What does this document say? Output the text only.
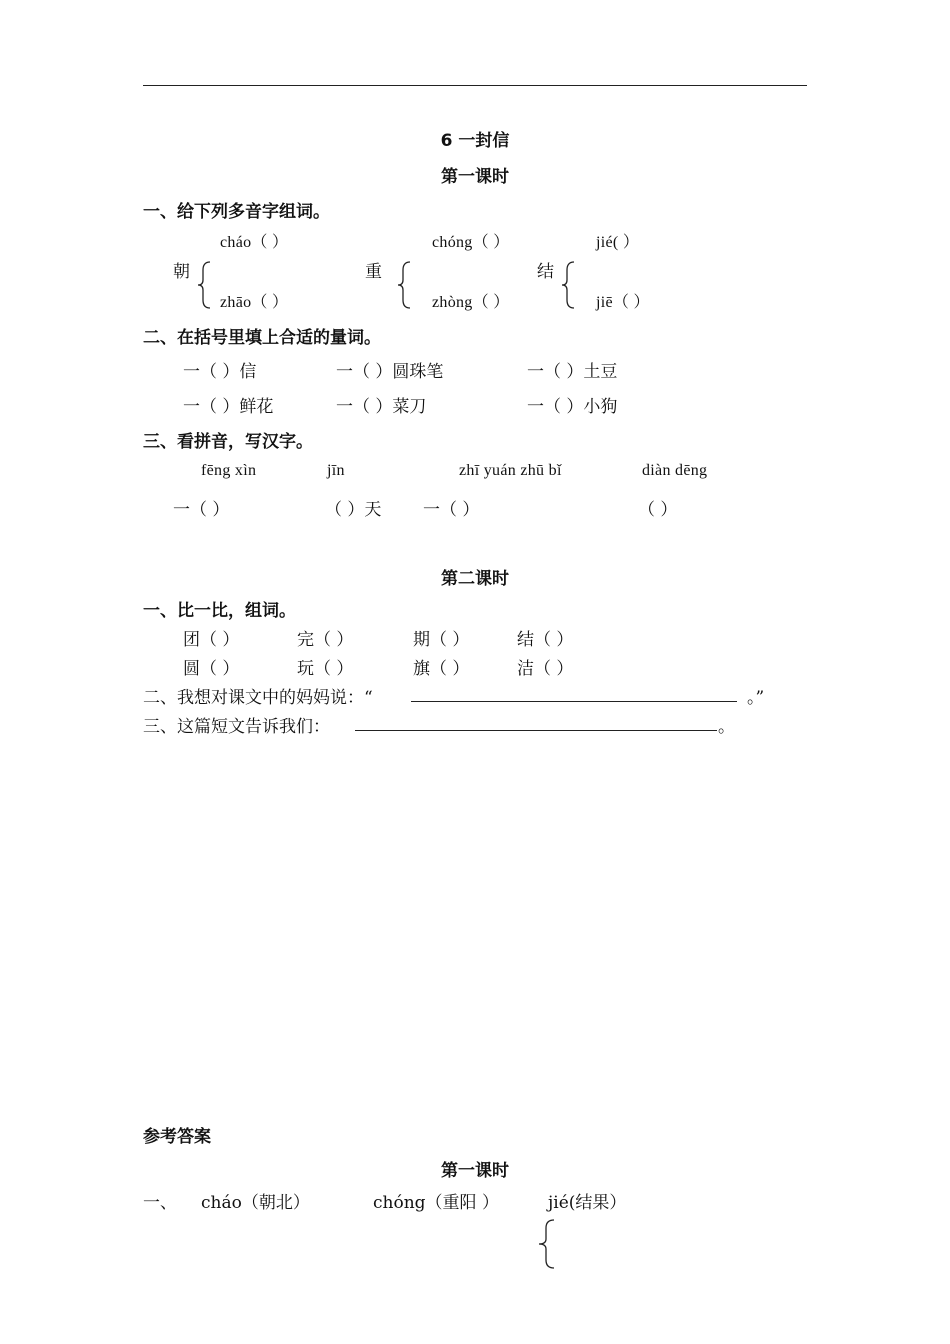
6 一封信
第一课时
一、给下列多音字组词。
cháo（ ）	chóng（ ）	jié( ）
朝	重	结
zhāo（ ）	zhòng（ ）	jiē（ ）
二、在括号里填上合适的量词。
一（ ）信	一（ ）圆珠笔	一（ ）土豆
一（ ）鲜花	一（ ）菜刀	一（ ）小狗
三、看拼音，写汉字。
fēng xìn	jīn	zhī yuán zhū bǐ	diàn dēng
一（ ）	（ ）天 一（ ）	（ ）
第二课时
一、比一比，组词。
团（ ）	完（ ）	期（ ）	结（ ）
圆（ ）	玩（ ）	旗（ ）	洁（ ）
二、我想对课文中的妈妈说：“	。”
三、这篇短文告诉我们：	。
参考答案
第一课时
一、 cháo（朝北）	chóng（重阳 ）	jié(结果）
